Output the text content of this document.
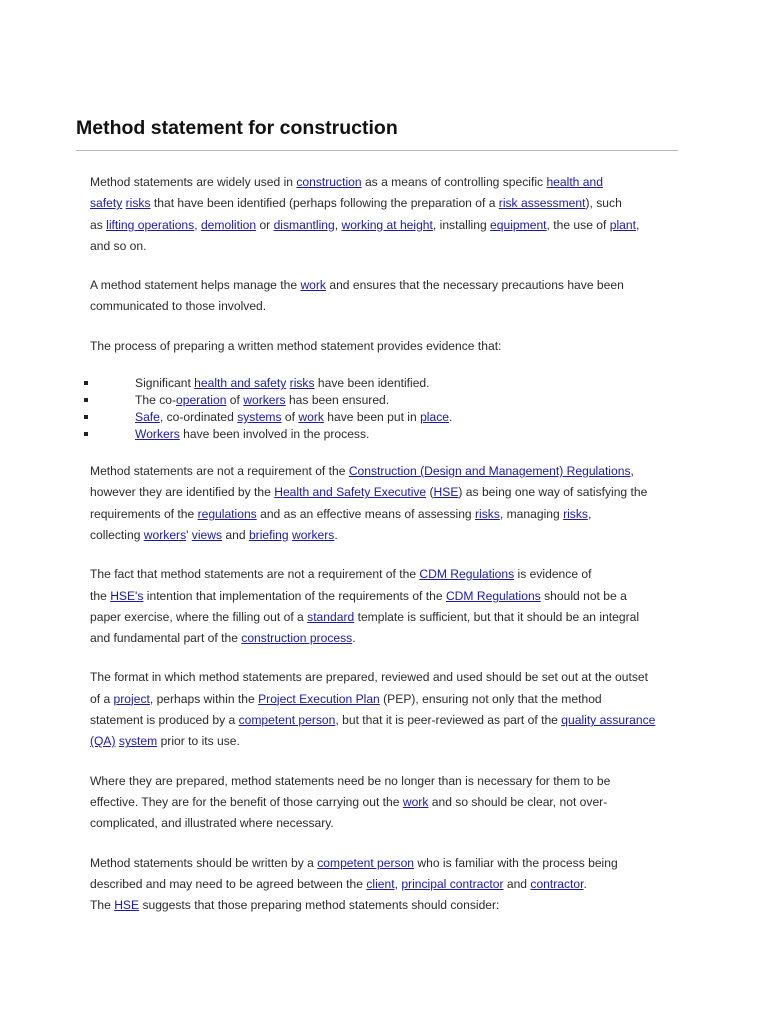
Method statement for construction

Method statements are widely used in construction as a means of controlling specific health and
safety risks that have been identified (perhaps following the preparation of a risk assessment), such
as lifting operations, demolition or dismantling, working at height, installing equipment, the use of plant,
and so on.

A method statement helps manage the work and ensures that the necessary precautions have been
communicated to those involved.

The process of preparing a written method statement provides evidence that:

Significant health and safety risks have been identified.
The co-operation of workers has been ensured.
Safe, co-ordinated systems of work have been put in place.
Workers have been involved in the process.

Method statements are not a requirement of the Construction (Design and Management) Regulations,
however they are identified by the Health and Safety Executive (HSE) as being one way of satisfying the
requirements of the regulations and as an effective means of assessing risks, managing risks,
collecting workers' views and briefing workers.

The fact that method statements are not a requirement of the CDM Regulations is evidence of
the HSE's intention that implementation of the requirements of the CDM Regulations should not be a
paper exercise, where the filling out of a standard template is sufficient, but that it should be an integral
and fundamental part of the construction process.

The format in which method statements are prepared, reviewed and used should be set out at the outset
of a project, perhaps within the Project Execution Plan (PEP), ensuring not only that the method
statement is produced by a competent person, but that it is peer-reviewed as part of the quality assurance
(QA) system prior to its use.

Where they are prepared, method statements need be no longer than is necessary for them to be
effective. They are for the benefit of those carrying out the work and so should be clear, not over-
complicated, and illustrated where necessary.

Method statements should be written by a competent person who is familiar with the process being
described and may need to be agreed between the client, principal contractor and contractor.
The HSE suggests that those preparing method statements should consider:
